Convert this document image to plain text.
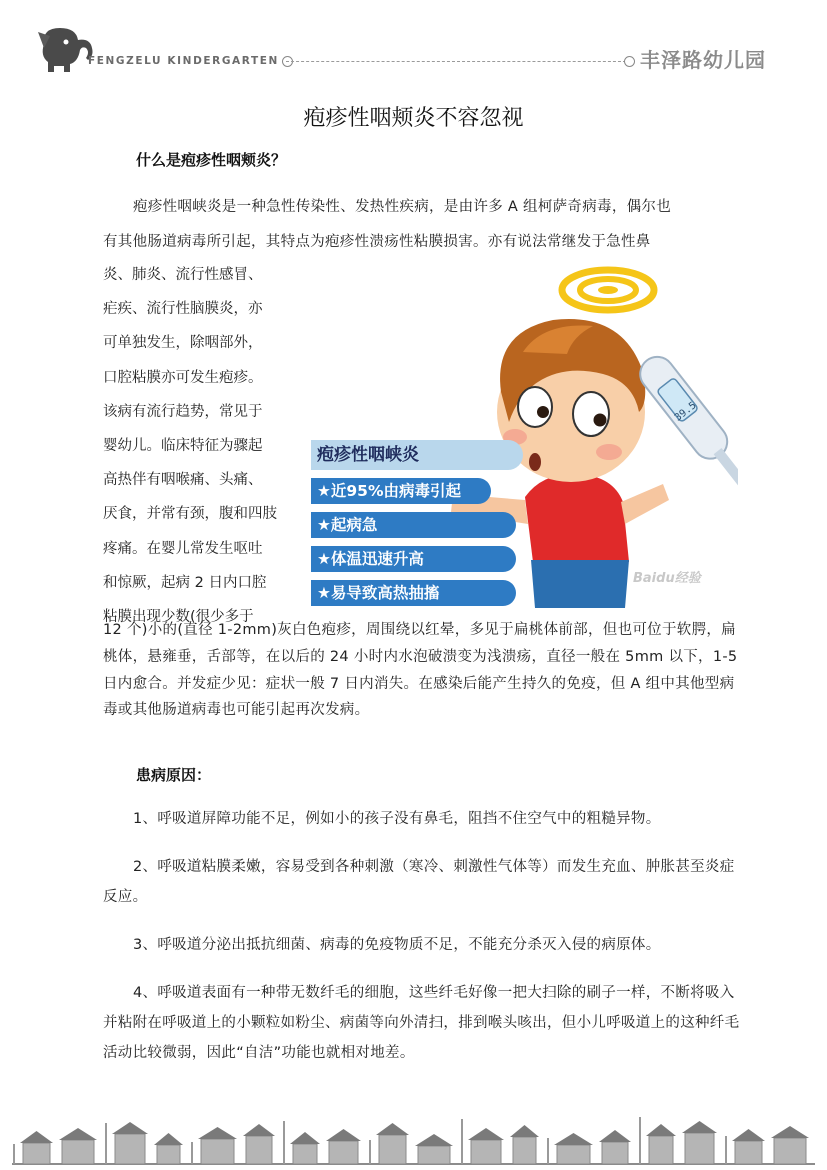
FENGZELU KINDERGARTEN	丰泽路幼儿园
疱疹性咽颊炎不容忽视
什么是疱疹性咽颊炎？
疱疹性咽峡炎是一种急性传染性、发热性疾病，是由许多 A 组柯萨奇病毒，偶尔也
有其他肠道病毒所引起，其特点为疱疹性溃疡性粘膜损害。亦有说法常继发于急性鼻
炎、肺炎、流行性感冒、
疟疾、流行性脑膜炎，亦
可单独发生，除咽部外，
口腔粘膜亦可发生疱疹。
该病有流行趋势，常见于
婴幼儿。临床特征为骤起
高热伴有咽喉痛、头痛、
厌食，并常有颈，腹和四肢
疼痛。在婴儿常发生呕吐
和惊厥，起病 2 日内口腔
粘膜出现少数(很少多于
39.5
疱疹性咽峡炎
★近95%由病毒引起
★起病急
★体温迅速升高
★易导致高热抽搐
Baidu经验
12 个)小的(直径 1-2mm)灰白色疱疹，周围绕以红晕，多见于扁桃体前部，但也可位于软腭，扁桃体，悬雍垂，舌部等，在以后的 24 小时内水泡破溃变为浅溃疡，直径一般在 5mm 以下，1-5 日内愈合。并发症少见：症状一般 7 日内消失。在感染后能产生持久的免疫，但 A 组中其他型病毒或其他肠道病毒也可能引起再次发病。
患病原因：
1、呼吸道屏障功能不足，例如小的孩子没有鼻毛，阻挡不住空气中的粗糙异物。
2、呼吸道粘膜柔嫩，容易受到各种刺激（寒冷、刺激性气体等）而发生充血、肿胀甚至炎症反应。
3、呼吸道分泌出抵抗细菌、病毒的免疫物质不足，不能充分杀灭入侵的病原体。
4、呼吸道表面有一种带无数纤毛的细胞，这些纤毛好像一把大扫除的刷子一样，不断将吸入并粘附在呼吸道上的小颗粒如粉尘、病菌等向外清扫，排到喉头咳出，但小儿呼吸道上的这种纤毛活动比较微弱，因此“自洁”功能也就相对地差。
